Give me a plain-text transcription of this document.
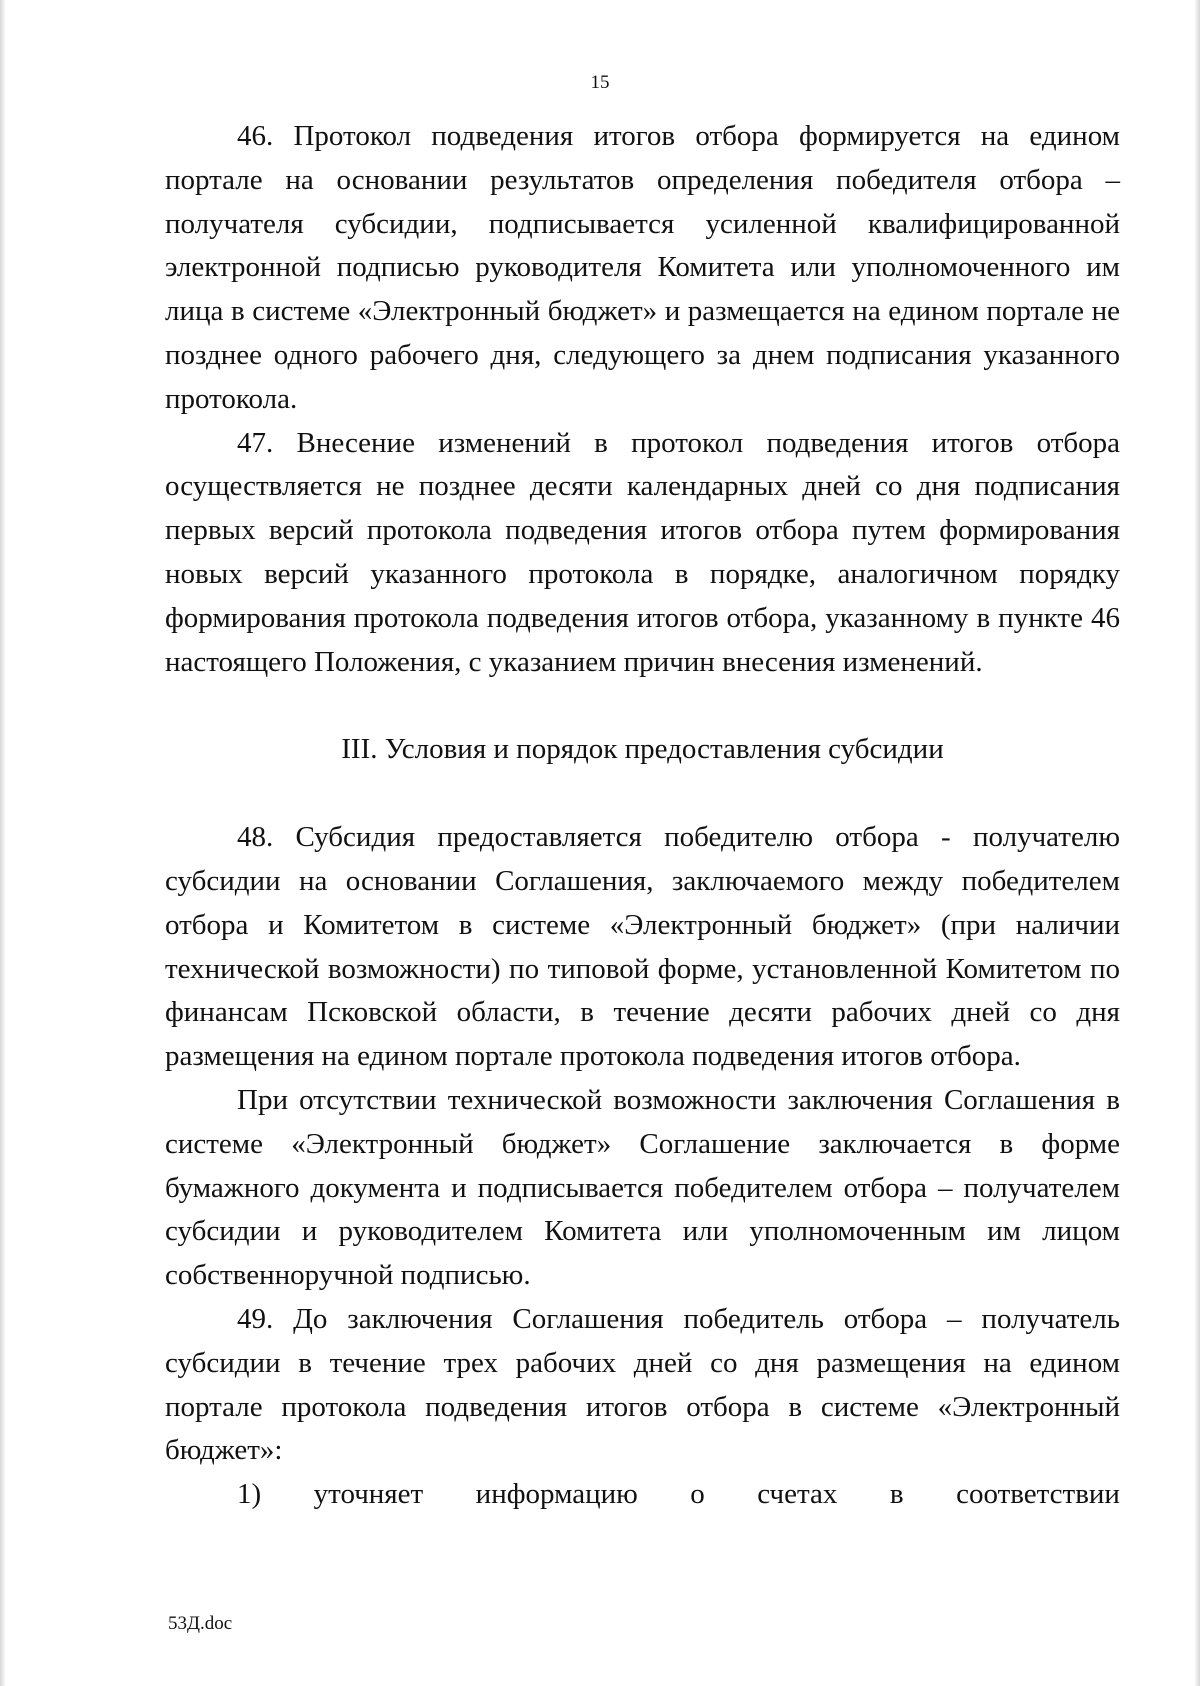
15

46. Протокол подведения итогов отбора формируется на едином портале на основании результатов определения победителя отбора – получателя субсидии, подписывается усиленной квалифицированной электронной подписью руководителя Комитета или уполномоченного им лица в системе «Электронный бюджет» и размещается на едином портале не позднее одного рабочего дня, следующего за днем подписания указанного протокола.

47. Внесение изменений в протокол подведения итогов отбора осуществляется не позднее десяти календарных дней со дня подписания первых версий протокола подведения итогов отбора путем формирования новых версий указанного протокола в порядке, аналогичном порядку формирования протокола подведения итогов отбора, указанному в пункте 46 настоящего Положения, с указанием причин внесения изменений.

III. Условия и порядок предоставления субсидии

48. Субсидия предоставляется победителю отбора - получателю субсидии на основании Соглашения, заключаемого между победителем отбора и Комитетом в системе «Электронный бюджет» (при наличии технической возможности) по типовой форме, установленной Комитетом по финансам Псковской области, в течение десяти рабочих дней со дня размещения на едином портале протокола подведения итогов отбора.

При отсутствии технической возможности заключения Соглашения в системе «Электронный бюджет» Соглашение заключается в форме бумажного документа и подписывается победителем отбора – получателем субсидии и руководителем Комитета или уполномоченным им лицом собственноручной подписью.

49. До заключения Соглашения победитель отбора – получатель субсидии в течение трех рабочих дней со дня размещения на едином портале протокола подведения итогов отбора в системе «Электронный бюджет»:

1) уточняет информацию о счетах в соответствии
53Д.doc
